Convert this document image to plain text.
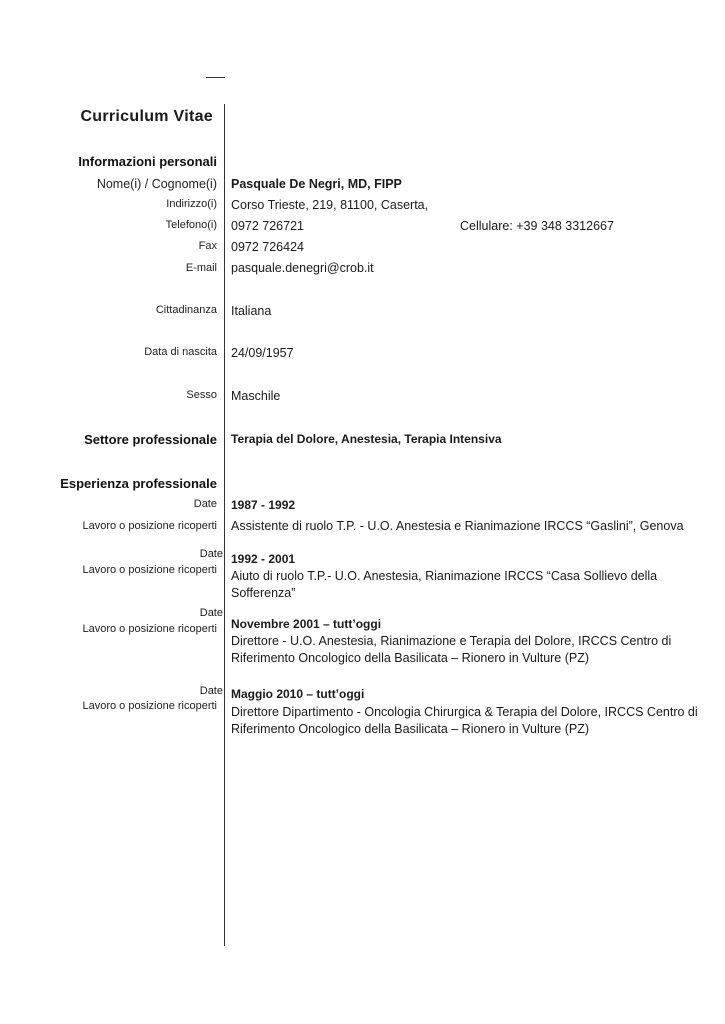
Curriculum Vitae
Informazioni personali
Nome(i) / Cognome(i) Pasquale De Negri, MD, FIPP
Indirizzo(i) Corso Trieste, 219, 81100, Caserta,
Telefono(i) 0972 726721	Cellulare: +39 348 3312667
Fax 0972 726424
E-mail pasquale.denegri@crob.it
Cittadinanza Italiana
Data di nascita 24/09/1957
Sesso Maschile
Settore professionale Terapia del Dolore, Anestesia, Terapia Intensiva
Esperienza professionale
Date 1987 - 1992
Lavoro o posizione ricoperti Assistente di ruolo T.P. - U.O. Anestesia e Rianimazione IRCCS “Gaslini”, Genova
Date 1992 - 2001
Lavoro o posizione ricoperti Aiuto di ruolo T.P.- U.O. Anestesia, Rianimazione IRCCS “Casa Sollievo della Sofferenza”
Date
Novembre 2001 – tutt’oggi
Lavoro o posizione ricoperti
Direttore - U.O. Anestesia, Rianimazione e Terapia del Dolore, IRCCS Centro di Riferimento Oncologico della Basilicata – Rionero in Vulture (PZ)
Date Maggio 2010 – tutt’oggi
Lavoro o posizione ricoperti Direttore Dipartimento - Oncologia Chirurgica & Terapia del Dolore, IRCCS Centro di Riferimento Oncologico della Basilicata – Rionero in Vulture (PZ)
